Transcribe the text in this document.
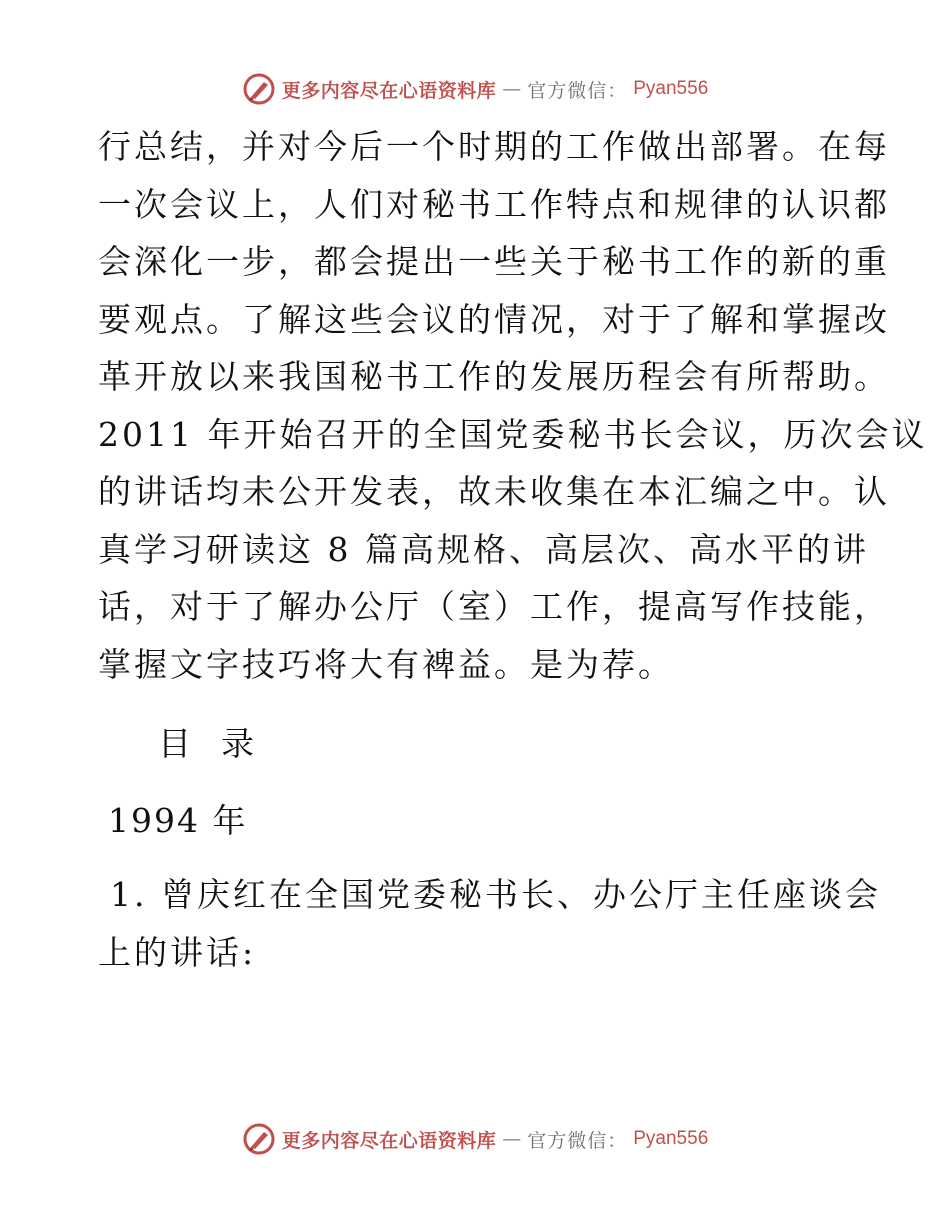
更多内容尽在心语资料库 — 官方微信： Pyan556
行总结，并对今后一个时期的工作做出部署。在每
一次会议上，人们对秘书工作特点和规律的认识都
会深化一步，都会提出一些关于秘书工作的新的重
要观点。了解这些会议的情况，对于了解和掌握改
革开放以来我国秘书工作的发展历程会有所帮助。
2011 年开始召开的全国党委秘书长会议，历次会议
的讲话均未公开发表，故未收集在本汇编之中。认
真学习研读这 8 篇高规格、高层次、高水平的讲
话，对于了解办公厅（室）工作，提高写作技能，
掌握文字技巧将大有裨益。是为荐。
目  录
1994 年
1. 曾庆红在全国党委秘书长、办公厅主任座谈会
上的讲话:
更多内容尽在心语资料库 — 官方微信： Pyan556
